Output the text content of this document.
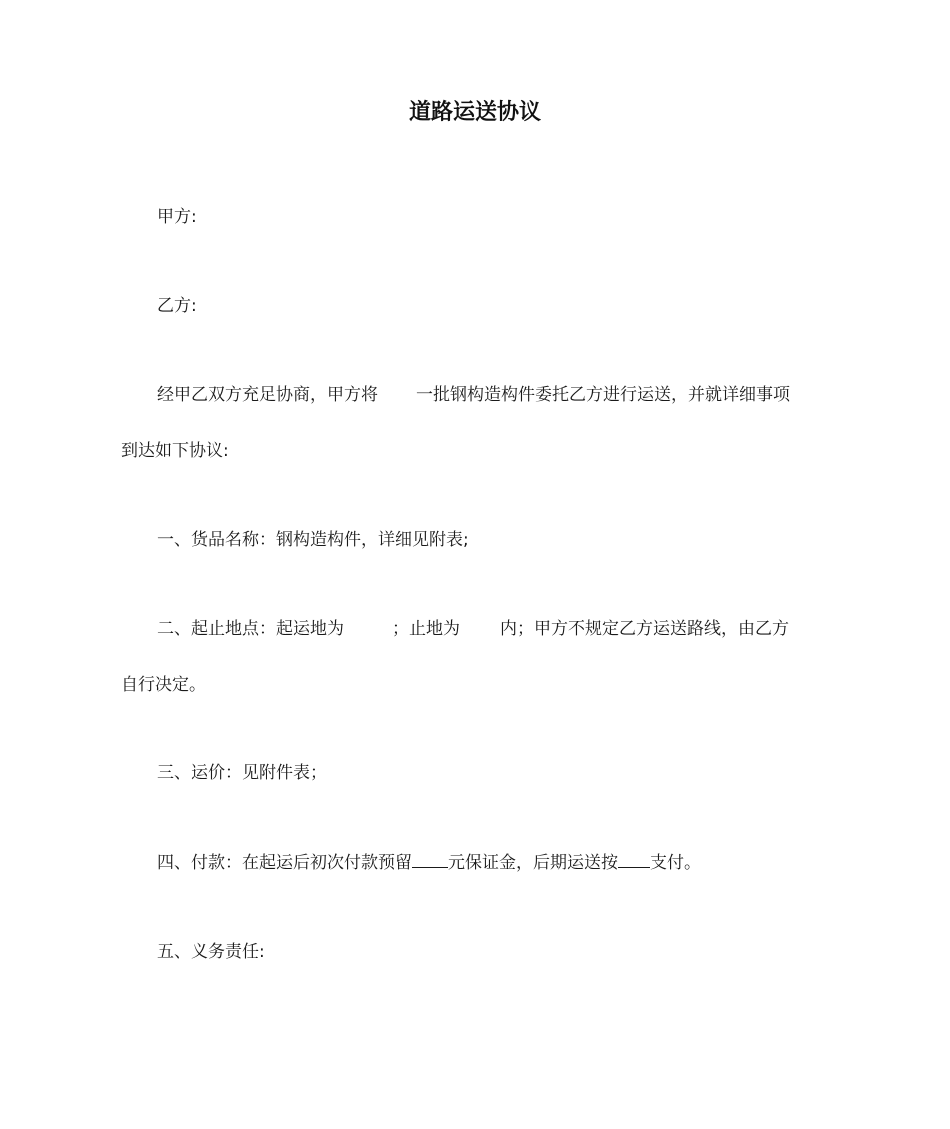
道路运送协议
甲方:
乙方:
经甲乙双方充足协商，甲方将 一批钢构造构件委托乙方进行运送，并就详细事项
到达如下协议:
一、货品名称：钢构造构件，详细见附表;
二、起止地点：起运地为	；止地为 内；甲方不规定乙方运送路线，由乙方
自行决定。
三、运价：见附件表；
四、付款：在起运后初次付款预留 元保证金，后期运送按 支付。
五、义务责任:
